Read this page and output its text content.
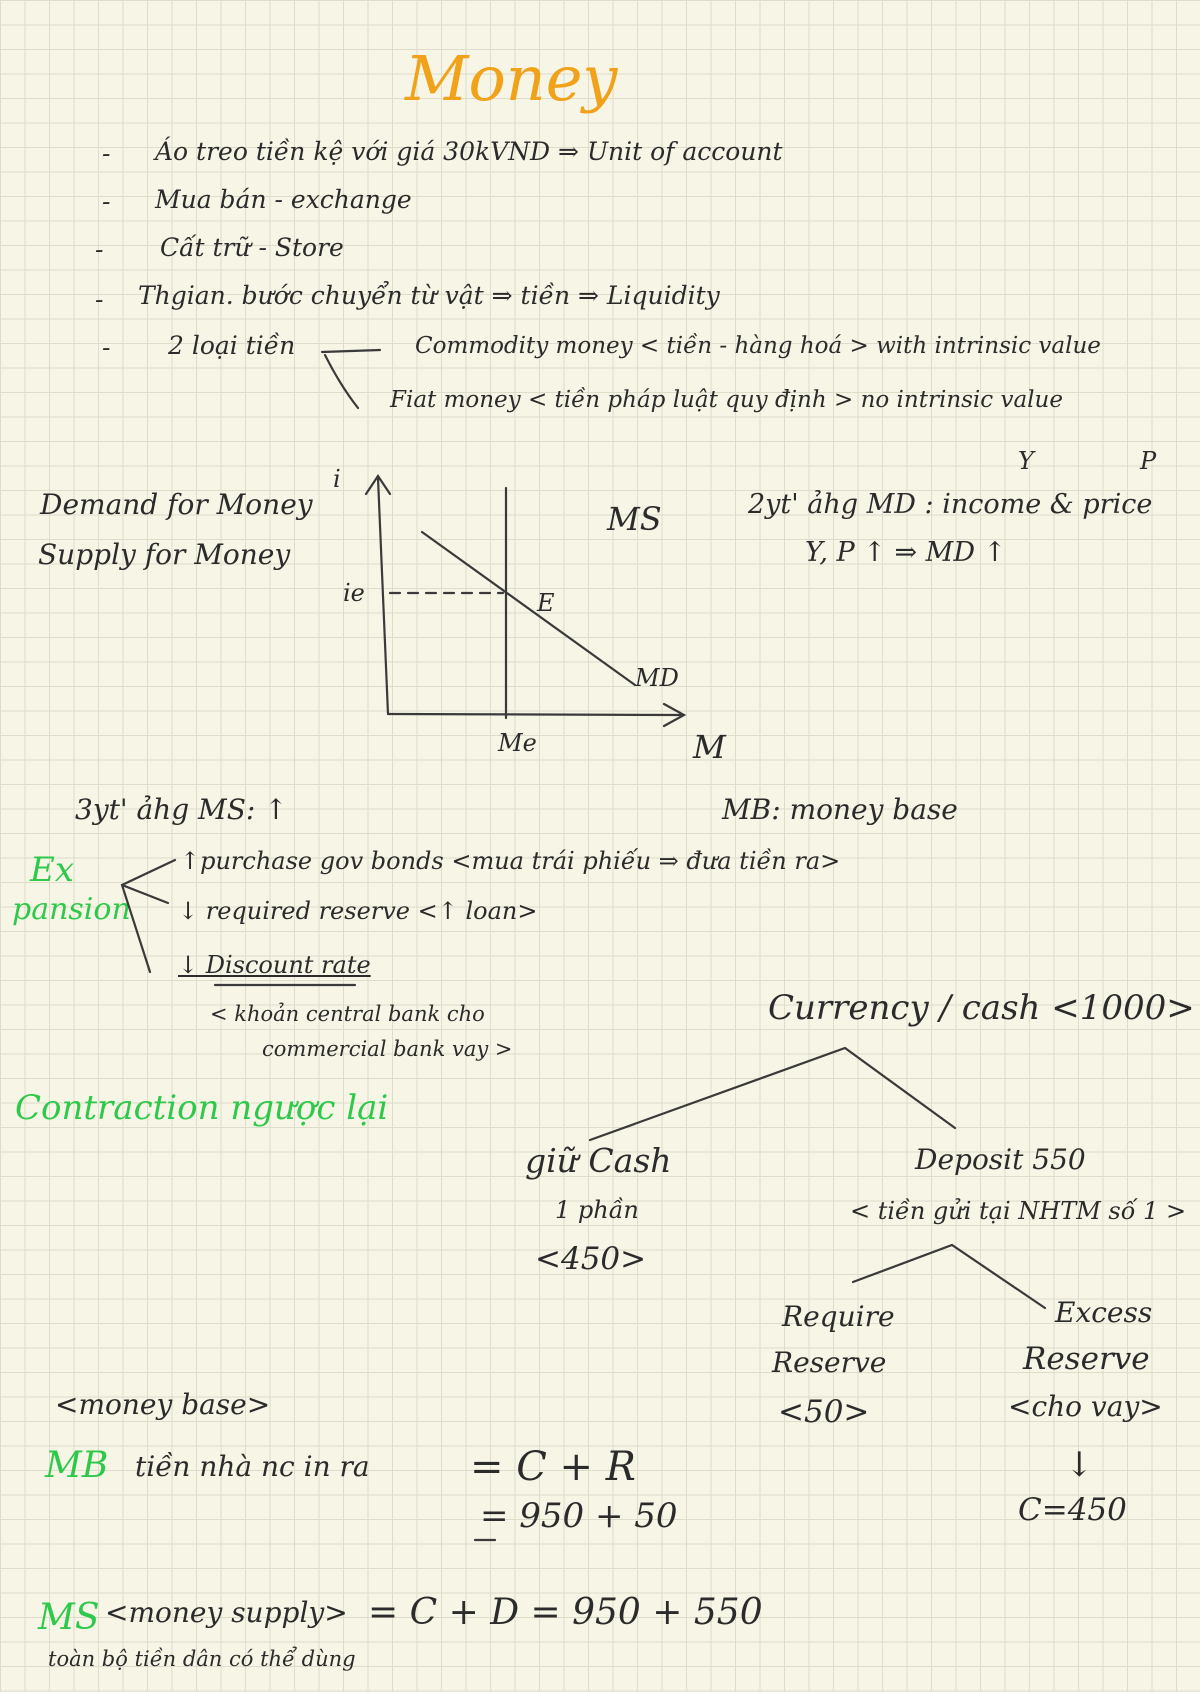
Money
- Áo treo tiền kệ với giá 30kVND ⇒ Unit of account
- Mua bán - exchange
- Cất trữ - Store
- Thgian. bước chuyển từ vật ⇒ tiền ⇒ Liquidity
- 2 loại tiền	Commodity money < tiền - hàng hoá > with intrinsic value
Fiat money < tiền pháp luật quy định > no intrinsic value
Demand for Money
Supply for Money
i
ie
Me	M
E
MS
MD
Y	P
2yt' ảhg MD : income & price
Y, P ↑ ⇒ MD ↑
3yt' ảhg MS: ↑	MB: money base
Ex
pansion
↑purchase gov bonds <mua trái phiếu ⇒ đưa tiền ra>
↓ required reserve <↑ loan>
↓ Discount rate
< khoản central bank cho
commercial bank vay >
Contraction ngược lại
Currency / cash <1000>
giữ Cash
1 phần
<450>
Deposit 550
< tiền gửi tại NHTM số 1 >
Require
Reserve
<50>
Excess
Reserve
<cho vay>
↓
C=450
<money base>
MB tiền nhà nc in ra	= C + R
= 950 + 50
MS <money supply> = C + D = 950 + 550
toàn bộ tiền dân có thể dùng
